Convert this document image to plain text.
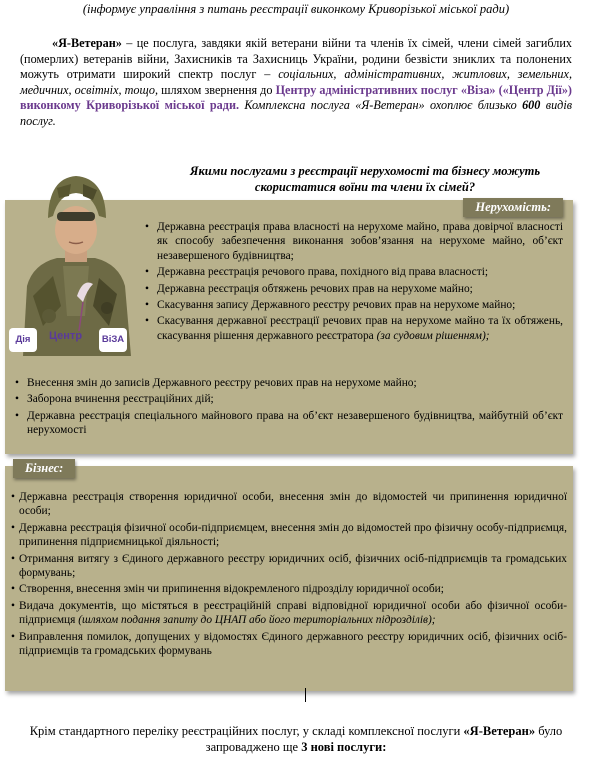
(інформує управління з питань реєстрації виконкому Криворізької міської ради)

«Я-Ветеран» – це послуга, завдяки якій ветерани війни та членів їх сімей, члени сімей загиблих (померлих) ветеранів війни, Захисників та Захисниць України, родини безвісти зниклих та полонених можуть отримати широкий спектр послуг – соціальних, адміністративних, житлових, земельних, медичних, освітніх, тощо, шляхом звернення до Центру адміністративних послуг «Віза» («Центр Дії») виконкому Криворізької міської ради. Комплексна послуга «Я-Ветеран» охоплює близько 600 видів послуг.

Якими послугами з реєстрації нерухомості та бізнесу можуть скористатися воїни та члени їх сімей?
Нерухомість:
Дія	Центр ВіЗА
• Державна реєстрація права власності на нерухоме майно, права довірчої власності як способу забезпечення виконання зобов’язання на нерухоме майно, об’єкт незавершеного будівництва;
• Державна реєстрація речового права, похідного від права власності;
• Державна реєстрація обтяжень речових прав на нерухоме майно;
• Скасування запису Державного реєстру речових прав на нерухоме майно;
• Скасування державної реєстрації речових прав на нерухоме майно та їх обтяжень, скасування рішення державного реєстратора (за судовим рішенням);
• Внесення змін до записів Державного реєстру речових прав на нерухоме майно;
• Заборона вчинення реєстраційних дій;
• Державна реєстрація спеціального майнового права на об’єкт незавершеного будівництва, майбутній об’єкт нерухомості
Бізнес:
• Державна реєстрація створення юридичної особи, внесення змін до відомостей чи припинення юридичної особи;
• Державна реєстрація фізичної особи-підприємцем, внесення змін до відомостей про фізичну особу-підприємця, припинення підприємницької діяльності;
• Отримання витягу з Єдиного державного реєстру юридичних осіб, фізичних осіб-підприємців та громадських формувань;
• Створення, внесення змін чи припинення відокремленого підрозділу юридичної особи;
• Видача документів, що містяться в реєстраційній справі відповідної юридичної особи або фізичної особи-підприємця (шляхом подання запиту до ЦНАП або його територіальних підрозділів);
• Виправлення помилок, допущених у відомостях Єдиного державного реєстру юридичних осіб, фізичних осіб-підприємців та громадських формувань
Крім стандартного переліку реєстраційних послуг, у складі комплексної послуги «Я-Ветеран» було запроваджено ще 3 нові послуги:
